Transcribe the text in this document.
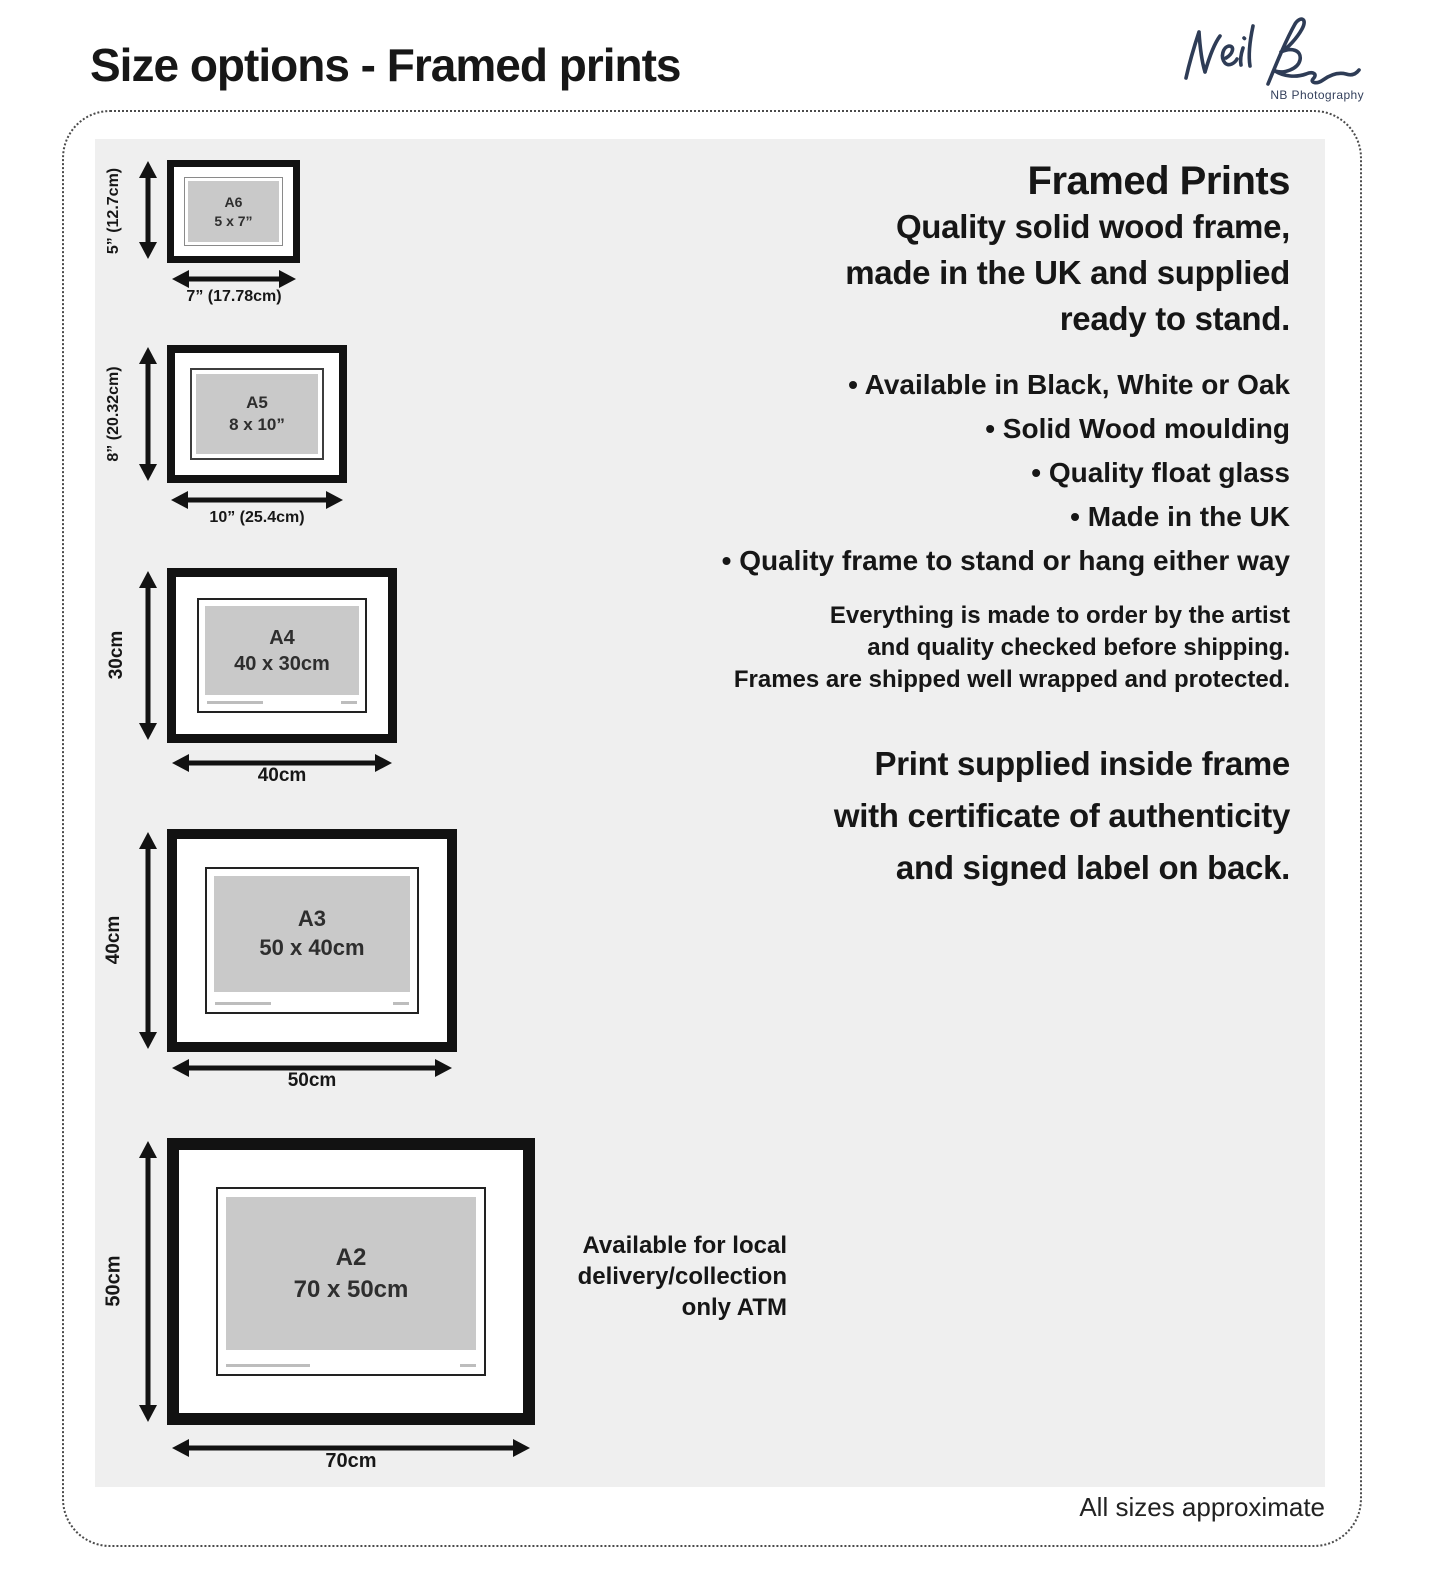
Size options - Framed prints
NB Photography
5” (12.7cm)	A6
5 x 7”
7” (17.78cm)
8” (20.32cm)	A5
8 x 10”
10” (25.4cm)
30cm	A4
40 x 30cm
40cm
40cm	A3
50 x 40cm
50cm
50cm	A2
70 x 50cm
70cm
Available for local
delivery/collection
only ATM
Framed Prints
Quality solid wood frame,
made in the UK and supplied
ready to stand.
• Available in Black, White or Oak
• Solid Wood moulding
• Quality float glass
• Made in the UK
• Quality frame to stand or hang either way
Everything is made to order by the artist
and quality checked before shipping.
Frames are shipped well wrapped and protected.
Print supplied inside frame
with certificate of authenticity
and signed label on back.
All sizes approximate
